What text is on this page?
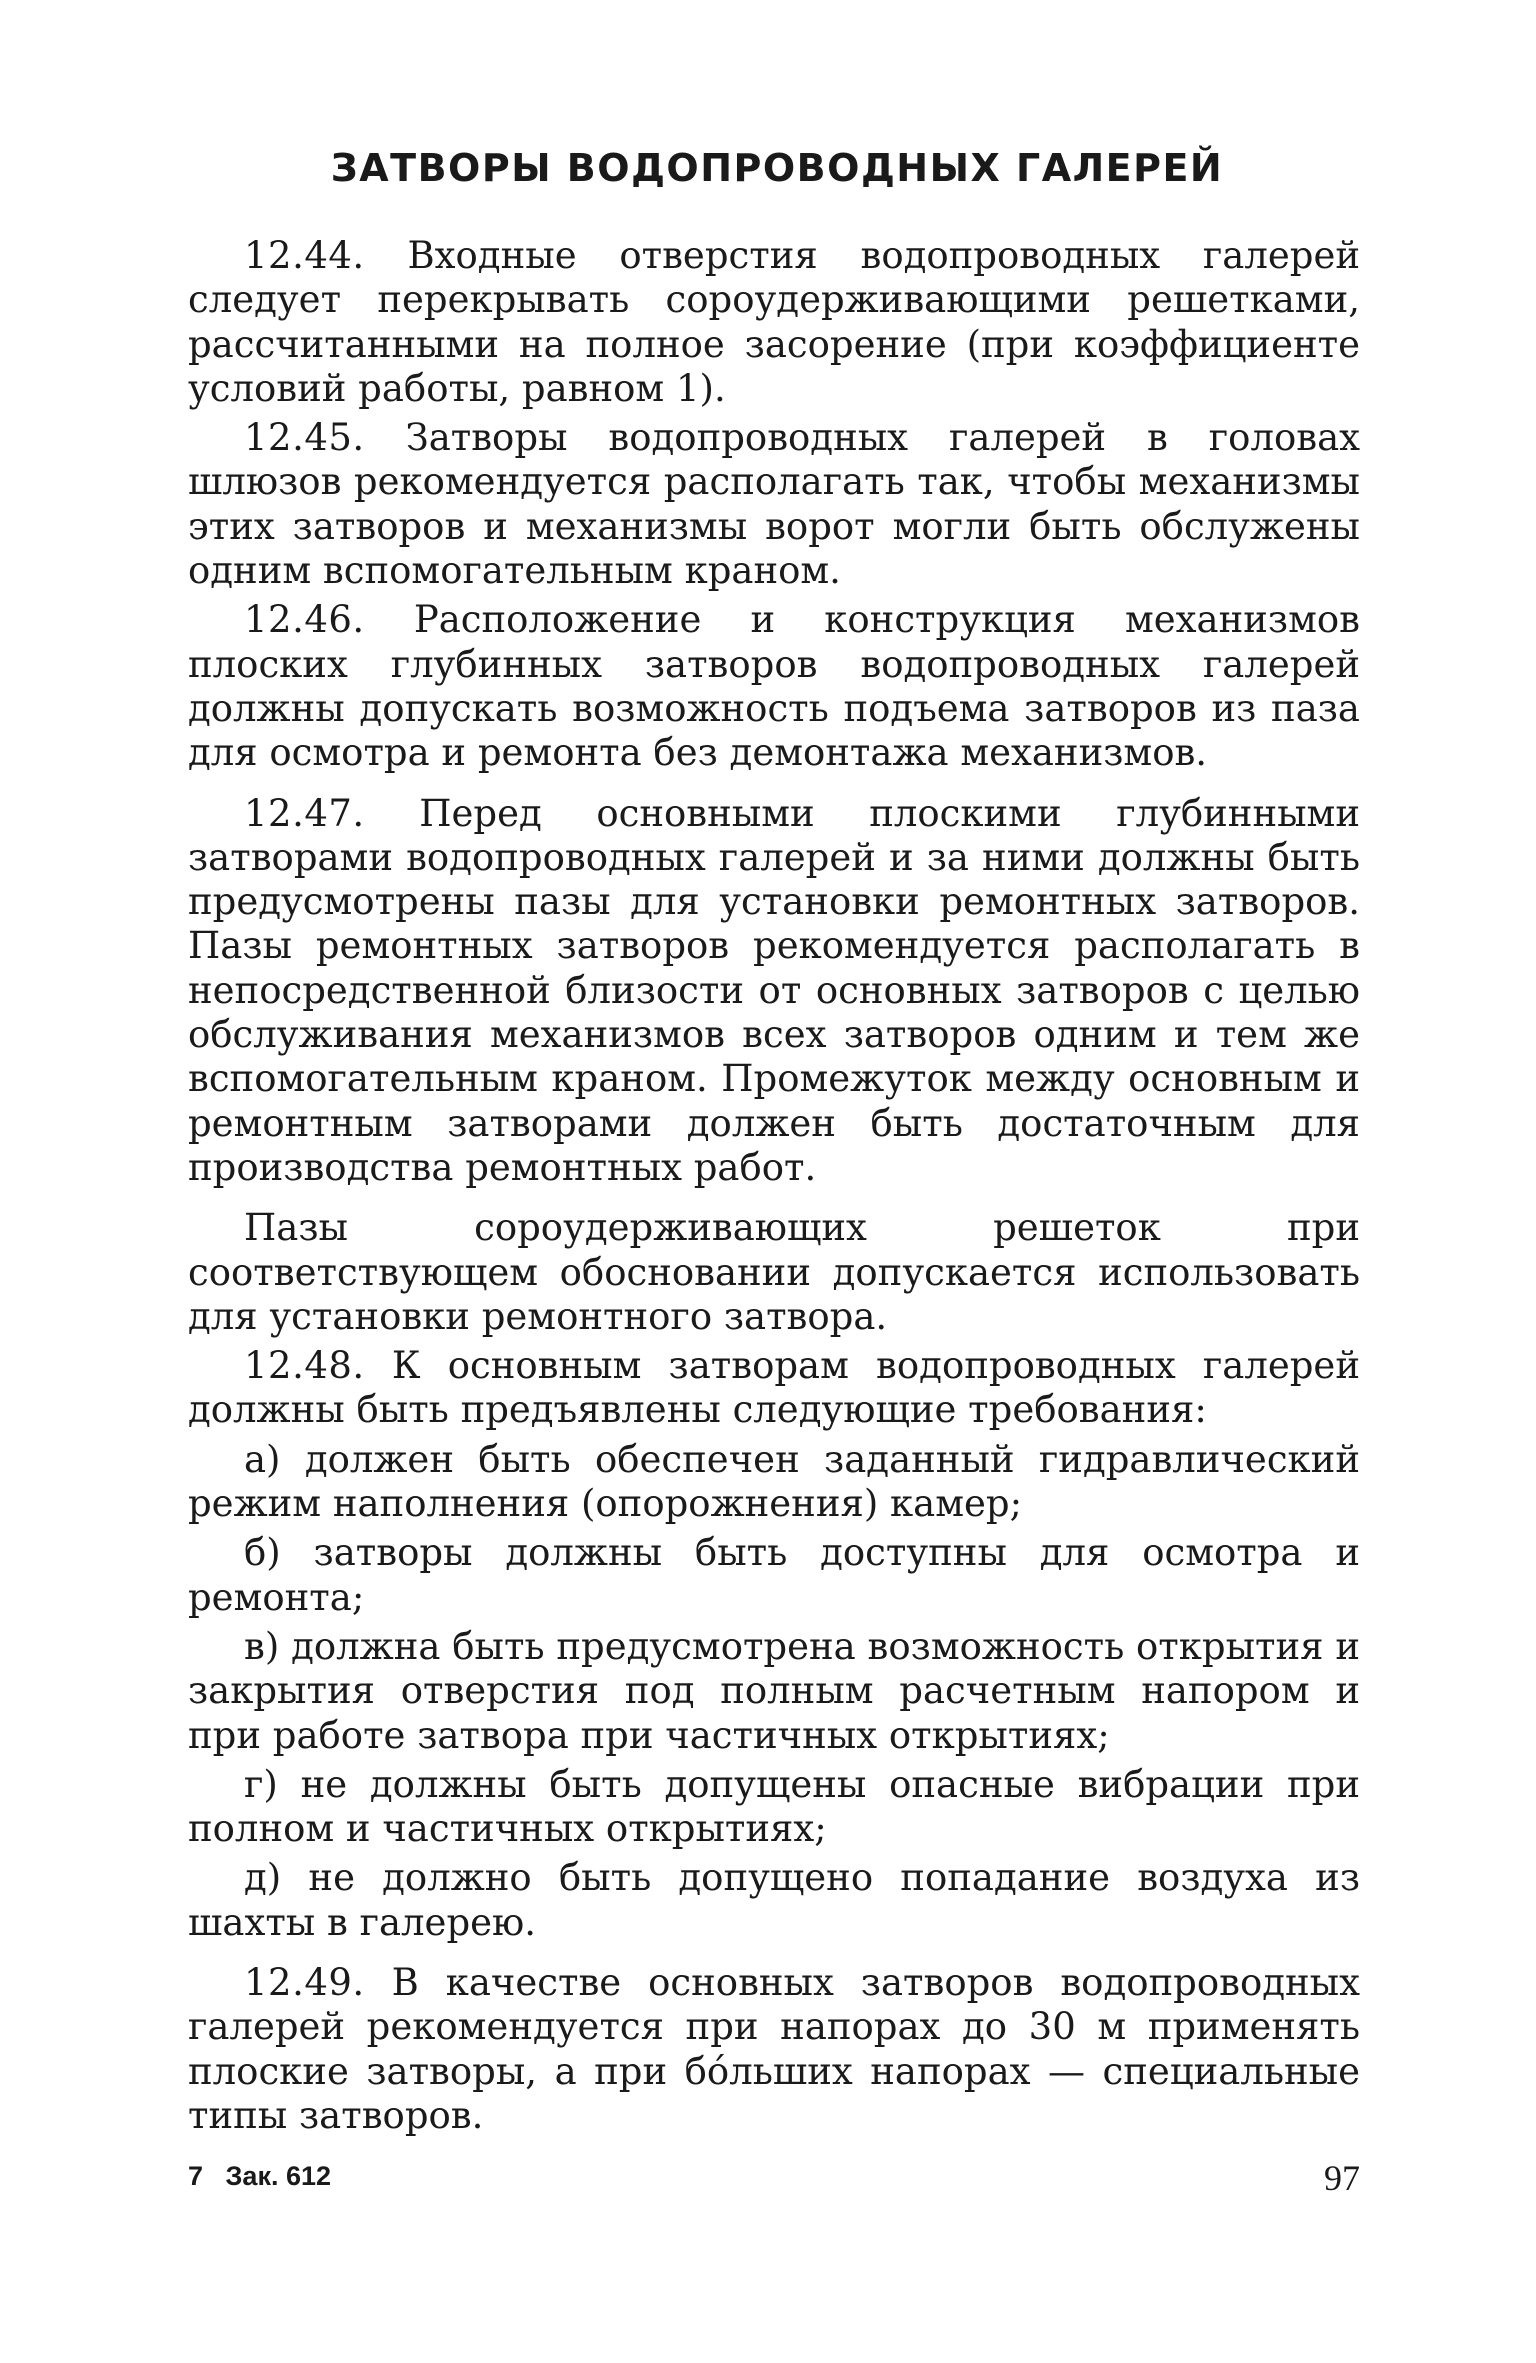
ЗАТВОРЫ ВОДОПРОВОДНЫХ ГАЛЕРЕЙ

12.44. Входные отверстия водопроводных галерей следует перекрывать сороудерживающими решетками, рассчитанными на полное засорение (при коэффициенте условий работы, равном 1).

12.45. Затворы водопроводных галерей в головах шлюзов рекомендуется располагать так, чтобы механизмы этих затворов и механизмы ворот могли быть обслужены одним вспомогательным краном.

12.46. Расположение и конструкция механизмов плоских глубинных затворов водопроводных галерей должны допускать возможность подъема затворов из паза для осмотра и ремонта без демонтажа механизмов.

12.47. Перед основными плоскими глубинными затворами водопроводных галерей и за ними должны быть предусмотрены пазы для установки ремонтных затворов. Пазы ремонтных затворов рекомендуется располагать в непосредственной близости от основных затворов с целью обслуживания механизмов всех затворов одним и тем же вспомогательным краном. Промежуток между основным и ремонтным затворами должен быть достаточным для производства ремонтных работ.

Пазы сороудерживающих решеток при соответствующем обосновании допускается использовать для установки ремонтного затвора.

12.48. К основным затворам водопроводных галерей должны быть предъявлены следующие требования:

а) должен быть обеспечен заданный гидравлический режим наполнения (опорожнения) камер;

б) затворы должны быть доступны для осмотра и ремонта;

в) должна быть предусмотрена возможность открытия и закрытия отверстия под полным расчетным напором и при работе затвора при частичных открытиях;

г) не должны быть допущены опасные вибрации при полном и частичных открытиях;

д) не должно быть допущено попадание воздуха из шахты в галерею.

12.49. В качестве основных затворов водопроводных галерей рекомендуется при напорах до 30 м применять плоские затворы, а при бóльших напорах — специальные типы затворов.

7   Зак. 612	97
